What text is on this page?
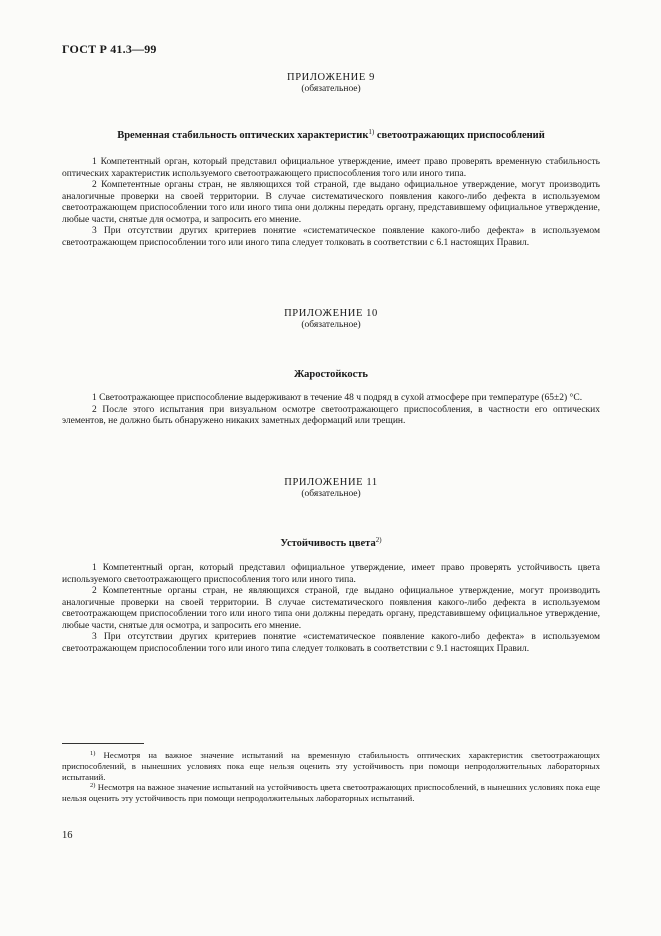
ГОСТ Р 41.3—99
ПРИЛОЖЕНИЕ 9
(обязательное)
Временная стабильность оптических характеристик$^{1)}$ светоотражающих приспособлений

1 Компетентный орган, который представил официальное утверждение, имеет право проверять временную стабильность оптических характеристик используемого светоотражающего приспособления того или иного типа.

2 Компетентные органы стран, не являющихся той страной, где выдано официальное утверждение, могут производить аналогичные проверки на своей территории. В случае систематического появления какого-либо дефекта в используемом светоотражающем приспособлении того или иного типа они должны передать органу, представившему официальное утверждение, любые части, снятые для осмотра, и запросить его мнение.

3 При отсутствии других критериев понятие «систематическое появление какого-либо дефекта» в используемом светоотражающем приспособлении того или иного типа следует толковать в соответствии с 6.1 настоящих Правил.

ПРИЛОЖЕНИЕ 10
(обязательное)
Жаростойкость

1 Светоотражающее приспособление выдерживают в течение 48 ч подряд в сухой атмосфере при температуре (65±2) °С.

2 После этого испытания при визуальном осмотре светоотражающего приспособления, в частности его оптических элементов, не должно быть обнаружено никаких заметных деформаций или трещин.

ПРИЛОЖЕНИЕ 11
(обязательное)
Устойчивость цвета$^{2)}$

1 Компетентный орган, который представил официальное утверждение, имеет право проверять устойчивость цвета используемого светоотражающего приспособления того или иного типа.

2 Компетентные органы стран, не являющихся страной, где выдано официальное утверждение, могут производить аналогичные проверки на своей территории. В случае систематического появления какого-либо дефекта в используемом светоотражающем приспособлении того или иного типа они должны передать органу, представившему официальное утверждение, любые части, снятые для осмотра, и запросить его мнение.

3 При отсутствии других критериев понятие «систематическое появление какого-либо дефекта» в используемом светоотражающем приспособлении того или иного типа следует толковать в соответствии с 9.1 настоящих Правил.

$^{1)}$ Несмотря на важное значение испытаний на временную стабильность оптических характеристик светоотражающих приспособлений, в нынешних условиях пока еще нельзя оценить эту устойчивость при помощи непродолжительных лабораторных испытаний.

$^{2)}$ Несмотря на важное значение испытаний на устойчивость цвета светоотражающих приспособлений, в нынешних условиях пока еще нельзя оценить эту устойчивость при помощи непродолжительных лабораторных испытаний.

16
